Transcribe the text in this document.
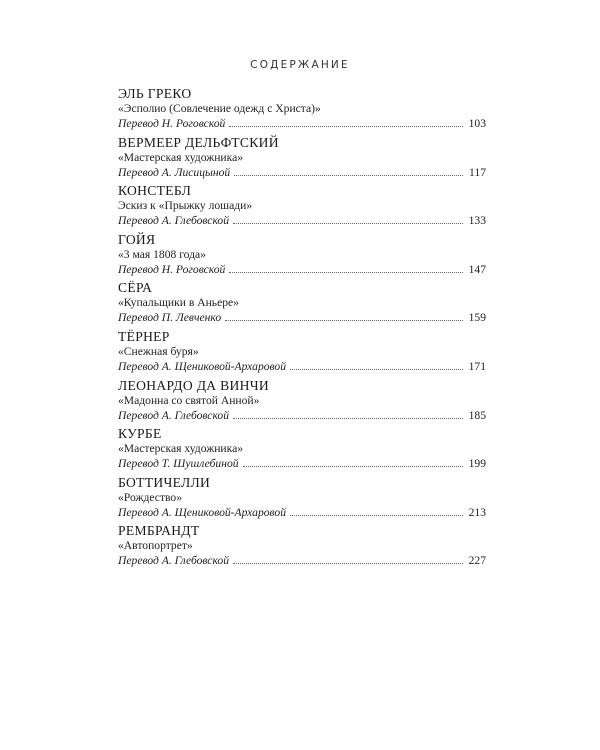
СОДЕРЖАНИЕ
ЭЛЬ ГРЕКО
«Эсполио (Совлечение одежд с Христа)»
Перевод Н. Роговской	103
ВЕРМЕЕР ДЕЛЬФТСКИЙ
«Мастерская художника»
Перевод А. Лисицыной	117
КОНСТЕБЛ
Эскиз к «Прыжку лошади»
Перевод А. Глебовской	133
ГОЙЯ
«3 мая 1808 года»
Перевод Н. Роговской	147
СЁРА
«Купальщики в Аньере»
Перевод П. Левченко	159
ТЁРНЕР
«Снежная буря»
Перевод А. Щениковой-Архаровой	171
ЛЕОНАРДО ДА ВИНЧИ
«Мадонна со святой Анной»
Перевод А. Глебовской	185
КУРБЕ
«Мастерская художника»
Перевод Т. Шушлебиной	199
БОТТИЧЕЛЛИ
«Рождество»
Перевод А. Щениковой-Архаровой	213
РЕМБРАНДТ
«Автопортрет»
Перевод А. Глебовской	227
